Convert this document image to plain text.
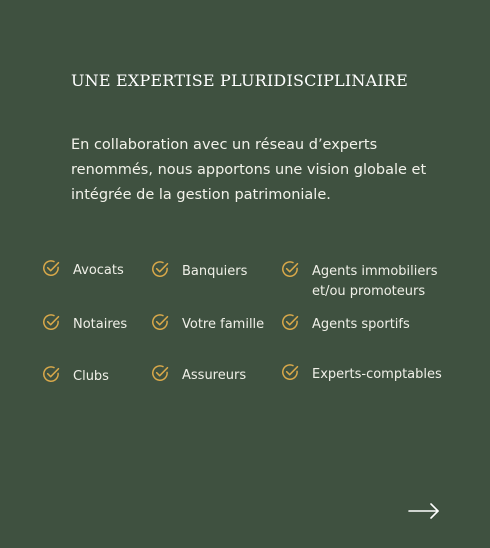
UNE EXPERTISE PLURIDISCIPLINAIRE
En collaboration avec un réseau d’experts renommés, nous apportons une vision globale et intégrée de la gestion patrimoniale.
Avocats	Banquiers	Agents immobiliers et/ou promoteurs
Notaires	Votre famille	Agents sportifs
Clubs	Assureurs	Experts-comptables
